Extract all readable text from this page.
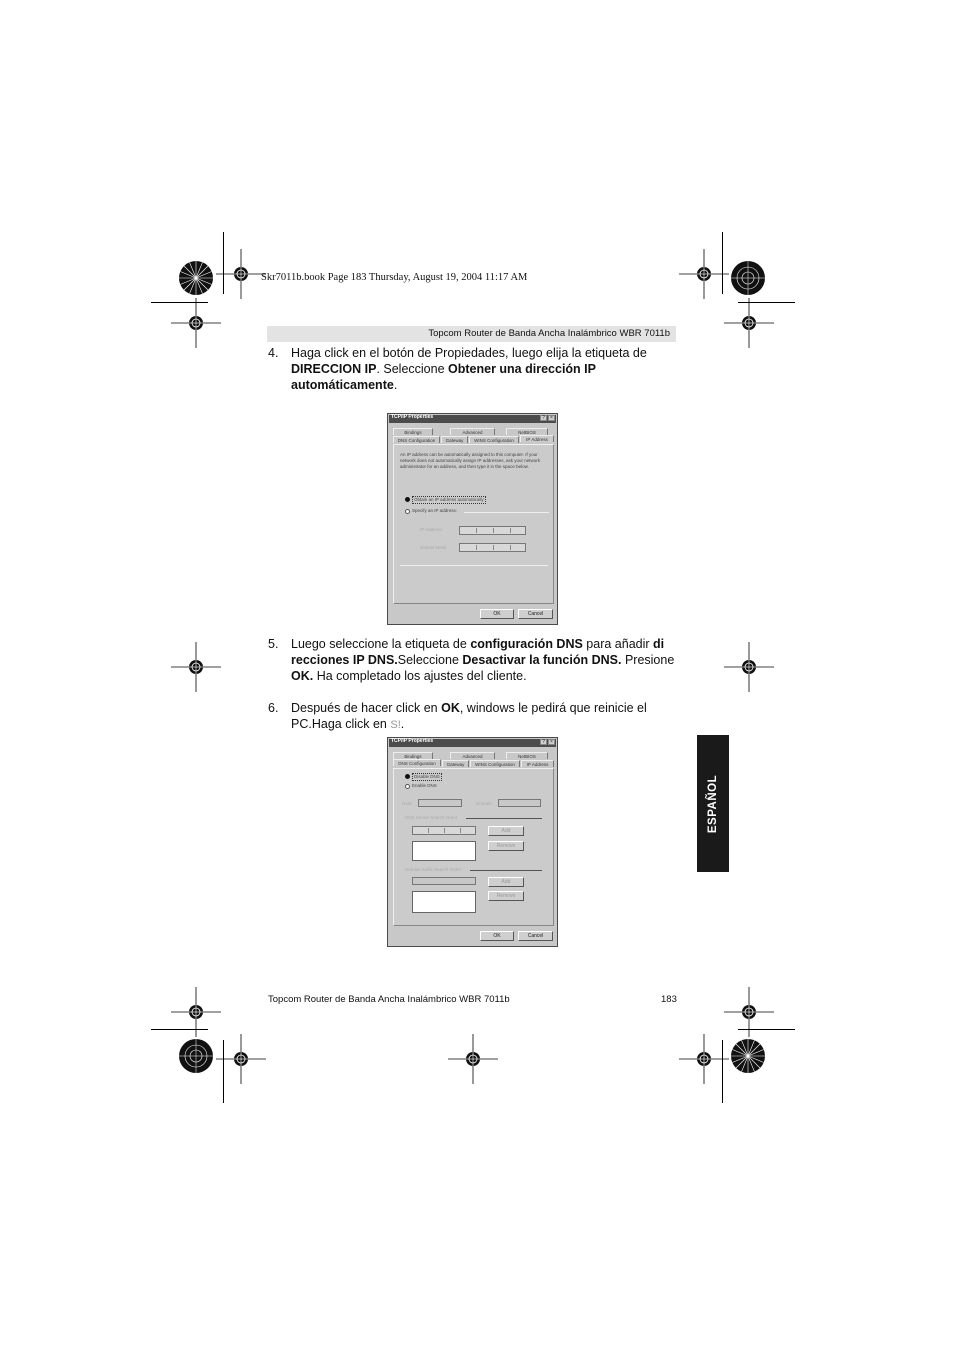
Skr7011b.book Page 183 Thursday, August 19, 2004 11:17 AM
Topcom Router de Banda Ancha Inalámbrico WBR 7011b
4. Haga click en el botón de Propiedades, luego elija la etiqueta de DIRECCION IP. Seleccione Obtener una dirección IP automáticamente.
TCP/IP Properties	?	×
Bindings	Advanced	NetBIOS
DNS Configuration	Gateway	WINS Configuration	IP Address
An IP address can be automatically assigned to this computer. If your network does not automatically assign IP addresses, ask your network administrator for an address, and then type it in the space below.
Obtain an IP address automatically
Specify an IP address:
IP Address:
Subnet Mask:
OK	Cancel
5. Luego seleccione la etiqueta de configuración DNS para añadir di recciones IP DNS.Seleccione Desactivar la función DNS. Presione OK. Ha completado los ajustes del cliente.
6. Después de hacer click en OK, windows le pedirá que reinicie el PC.Haga click en S!.
ESPAÑOL
TCP/IP Properties	?	×
Bindings	Advanced	NetBIOS
DNS Configuration	Gateway	WINS Configuration	IP Address
Disable DNS
Enable DNS
Host:	Domain:
DNS Server Search Order
Add
Remove
Domain Suffix Search Order
Add
Remove
OK	Cancel
Topcom Router de Banda Ancha Inalámbrico WBR 7011b	183
